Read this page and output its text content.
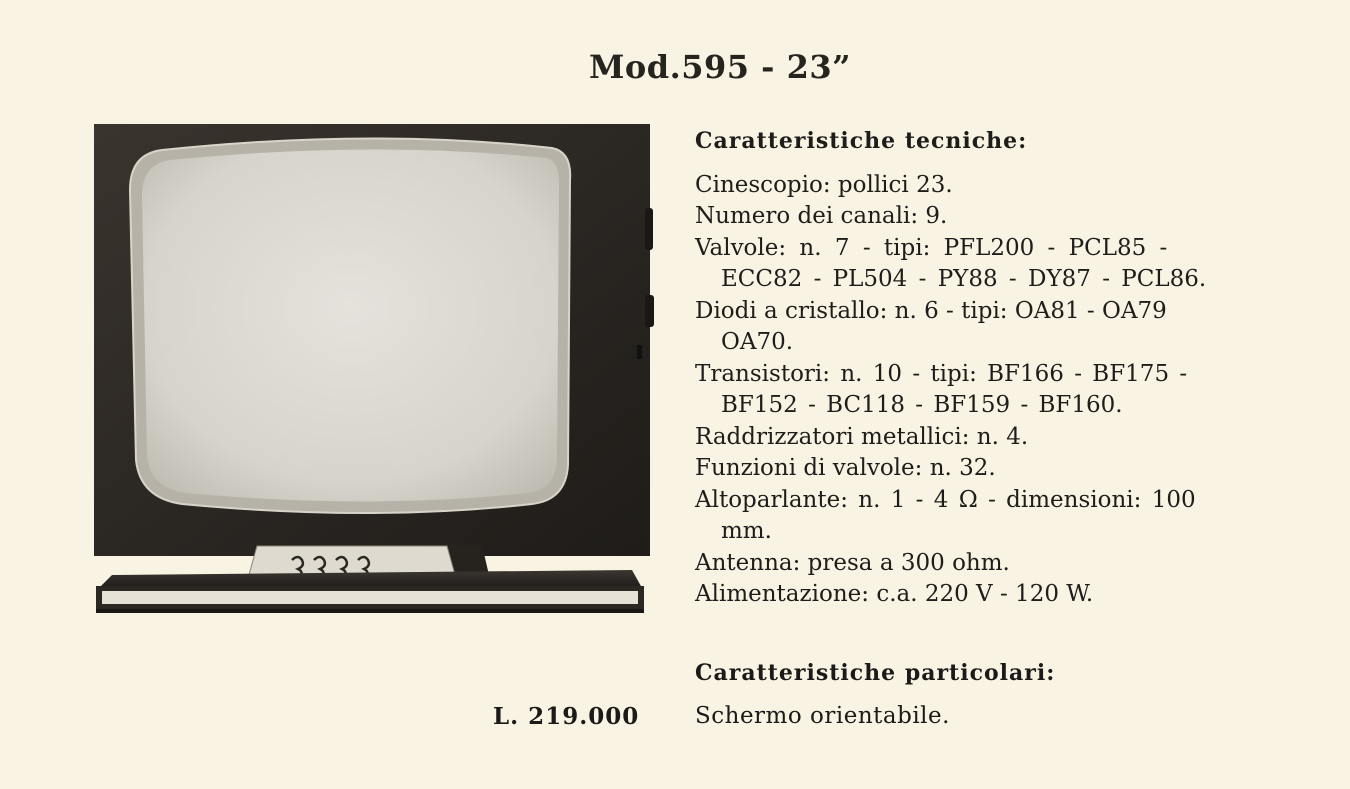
Mod.595 - 23”
Caratteristiche tecniche:
Cinescopio: pollici 23.
Numero dei canali: 9.
Valvole: n. 7 - tipi: PFL200 - PCL85 -
ECC82 - PL504 - PY88 - DY87 - PCL86.
Diodi a cristallo: n. 6 - tipi: OA81 - OA79
OA70.
Transistori: n. 10 - tipi: BF166 - BF175 -
BF152 - BC118 - BF159 - BF160.
Raddrizzatori metallici: n. 4.
Funzioni di valvole: n. 32.
Altoparlante: n. 1 - 4 Ω - dimensioni: 100
mm.
Antenna: presa a 300 ohm.
Alimentazione: c.a. 220 V - 120 W.
Caratteristiche particolari:
L. 219.000 Schermo orientabile.
